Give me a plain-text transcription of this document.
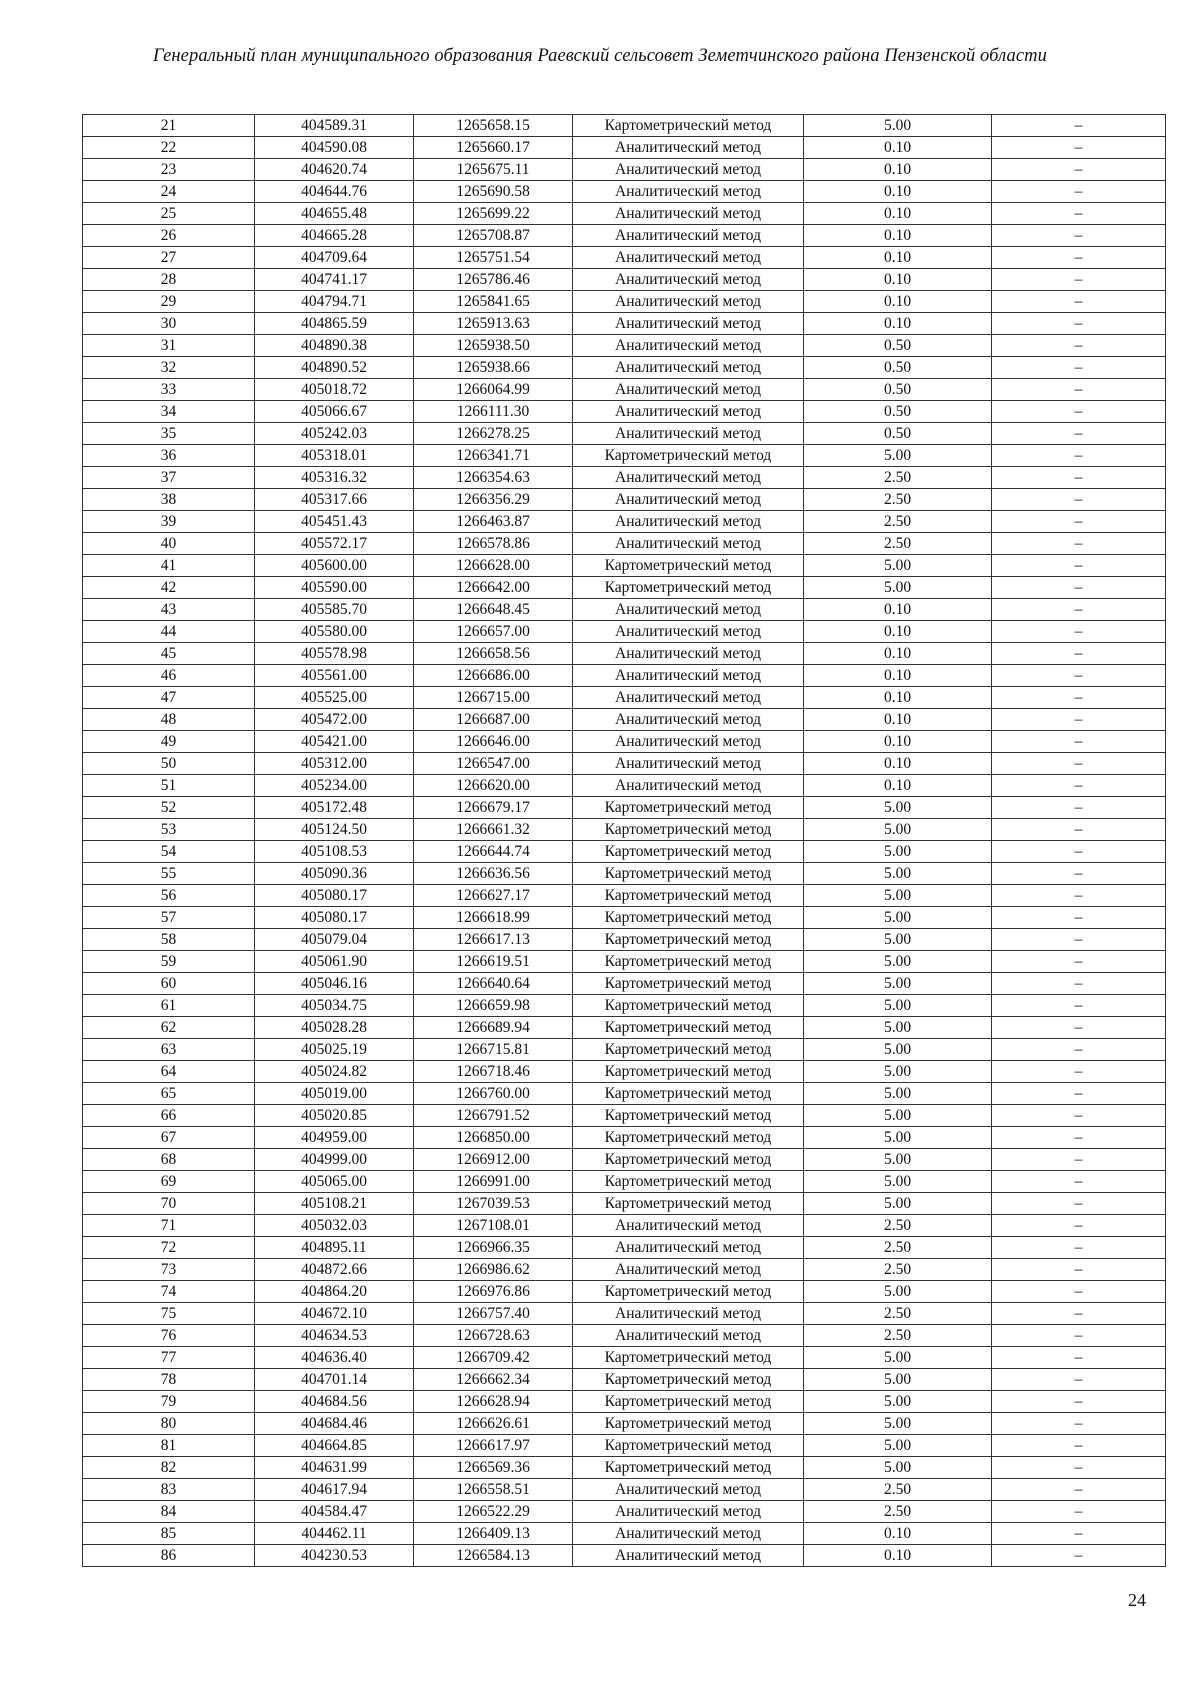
Генеральный план муниципального образования Раевский сельсовет Земетчинского района Пензенской области
21	404589.31	1265658.15	Картометрический метод	5.00	–
22	404590.08	1265660.17	Аналитический метод	0.10	–
23	404620.74	1265675.11	Аналитический метод	0.10	–
24	404644.76	1265690.58	Аналитический метод	0.10	–
25	404655.48	1265699.22	Аналитический метод	0.10	–
26	404665.28	1265708.87	Аналитический метод	0.10	–
27	404709.64	1265751.54	Аналитический метод	0.10	–
28	404741.17	1265786.46	Аналитический метод	0.10	–
29	404794.71	1265841.65	Аналитический метод	0.10	–
30	404865.59	1265913.63	Аналитический метод	0.10	–
31	404890.38	1265938.50	Аналитический метод	0.50	–
32	404890.52	1265938.66	Аналитический метод	0.50	–
33	405018.72	1266064.99	Аналитический метод	0.50	–
34	405066.67	1266111.30	Аналитический метод	0.50	–
35	405242.03	1266278.25	Аналитический метод	0.50	–
36	405318.01	1266341.71	Картометрический метод	5.00	–
37	405316.32	1266354.63	Аналитический метод	2.50	–
38	405317.66	1266356.29	Аналитический метод	2.50	–
39	405451.43	1266463.87	Аналитический метод	2.50	–
40	405572.17	1266578.86	Аналитический метод	2.50	–
41	405600.00	1266628.00	Картометрический метод	5.00	–
42	405590.00	1266642.00	Картометрический метод	5.00	–
43	405585.70	1266648.45	Аналитический метод	0.10	–
44	405580.00	1266657.00	Аналитический метод	0.10	–
45	405578.98	1266658.56	Аналитический метод	0.10	–
46	405561.00	1266686.00	Аналитический метод	0.10	–
47	405525.00	1266715.00	Аналитический метод	0.10	–
48	405472.00	1266687.00	Аналитический метод	0.10	–
49	405421.00	1266646.00	Аналитический метод	0.10	–
50	405312.00	1266547.00	Аналитический метод	0.10	–
51	405234.00	1266620.00	Аналитический метод	0.10	–
52	405172.48	1266679.17	Картометрический метод	5.00	–
53	405124.50	1266661.32	Картометрический метод	5.00	–
54	405108.53	1266644.74	Картометрический метод	5.00	–
55	405090.36	1266636.56	Картометрический метод	5.00	–
56	405080.17	1266627.17	Картометрический метод	5.00	–
57	405080.17	1266618.99	Картометрический метод	5.00	–
58	405079.04	1266617.13	Картометрический метод	5.00	–
59	405061.90	1266619.51	Картометрический метод	5.00	–
60	405046.16	1266640.64	Картометрический метод	5.00	–
61	405034.75	1266659.98	Картометрический метод	5.00	–
62	405028.28	1266689.94	Картометрический метод	5.00	–
63	405025.19	1266715.81	Картометрический метод	5.00	–
64	405024.82	1266718.46	Картометрический метод	5.00	–
65	405019.00	1266760.00	Картометрический метод	5.00	–
66	405020.85	1266791.52	Картометрический метод	5.00	–
67	404959.00	1266850.00	Картометрический метод	5.00	–
68	404999.00	1266912.00	Картометрический метод	5.00	–
69	405065.00	1266991.00	Картометрический метод	5.00	–
70	405108.21	1267039.53	Картометрический метод	5.00	–
71	405032.03	1267108.01	Аналитический метод	2.50	–
72	404895.11	1266966.35	Аналитический метод	2.50	–
73	404872.66	1266986.62	Аналитический метод	2.50	–
74	404864.20	1266976.86	Картометрический метод	5.00	–
75	404672.10	1266757.40	Аналитический метод	2.50	–
76	404634.53	1266728.63	Аналитический метод	2.50	–
77	404636.40	1266709.42	Картометрический метод	5.00	–
78	404701.14	1266662.34	Картометрический метод	5.00	–
79	404684.56	1266628.94	Картометрический метод	5.00	–
80	404684.46	1266626.61	Картометрический метод	5.00	–
81	404664.85	1266617.97	Картометрический метод	5.00	–
82	404631.99	1266569.36	Картометрический метод	5.00	–
83	404617.94	1266558.51	Аналитический метод	2.50	–
84	404584.47	1266522.29	Аналитический метод	2.50	–
85	404462.11	1266409.13	Аналитический метод	0.10	–
86	404230.53	1266584.13	Аналитический метод	0.10	–
24
